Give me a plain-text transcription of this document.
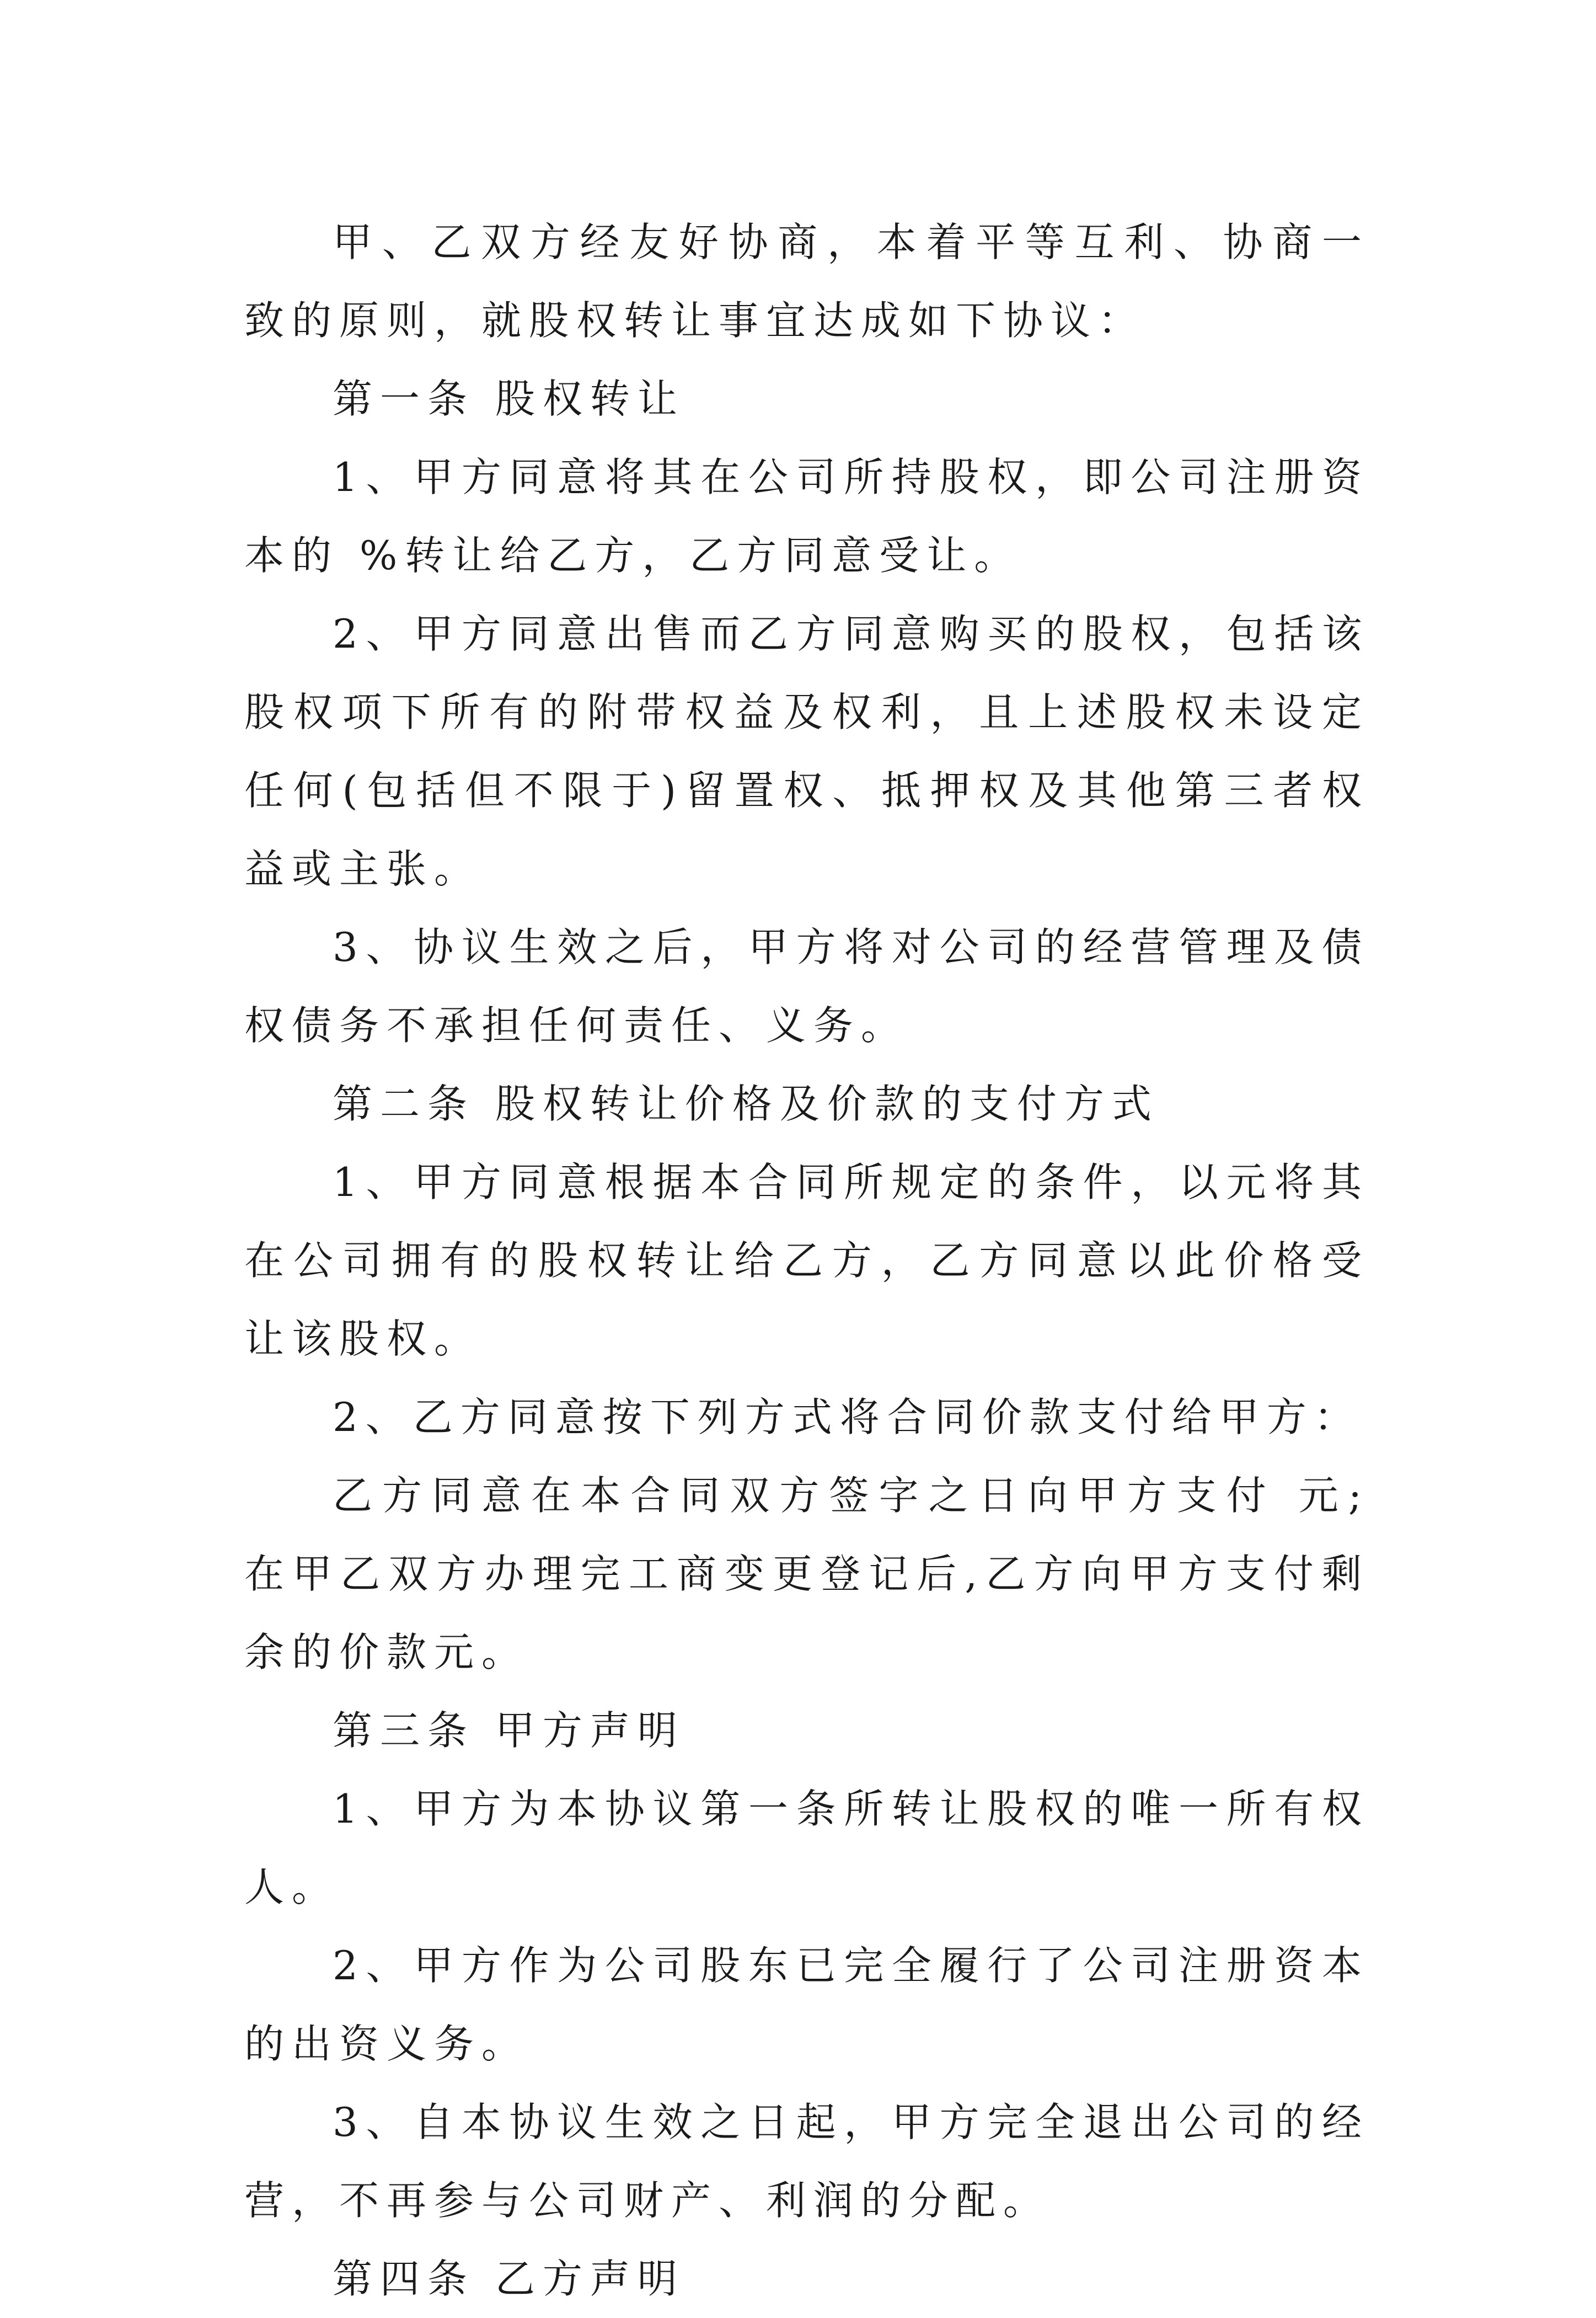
甲、乙双方经友好协商，本着平等互利、协商一致的原则，就股权转让事宜达成如下协议：

第一条 股权转让

1、甲方同意将其在公司所持股权，即公司注册资本的 %转让给乙方，乙方同意受让。

2、甲方同意出售而乙方同意购买的股权，包括该股权项下所有的附带权益及权利，且上述股权未设定任何(包括但不限于)留置权、抵押权及其他第三者权益或主张。

3、协议生效之后，甲方将对公司的经营管理及债权债务不承担任何责任、义务。

第二条 股权转让价格及价款的支付方式

1、甲方同意根据本合同所规定的条件，以元将其在公司拥有的股权转让给乙方，乙方同意以此价格受让该股权。

2、乙方同意按下列方式将合同价款支付给甲方：

乙方同意在本合同双方签字之日向甲方支付 元;在甲乙双方办理完工商变更登记后,乙方向甲方支付剩余的价款元。

第三条 甲方声明

1、甲方为本协议第一条所转让股权的唯一所有权人。

2、甲方作为公司股东已完全履行了公司注册资本的出资义务。

3、自本协议生效之日起，甲方完全退出公司的经营，不再参与公司财产、利润的分配。

第四条 乙方声明
